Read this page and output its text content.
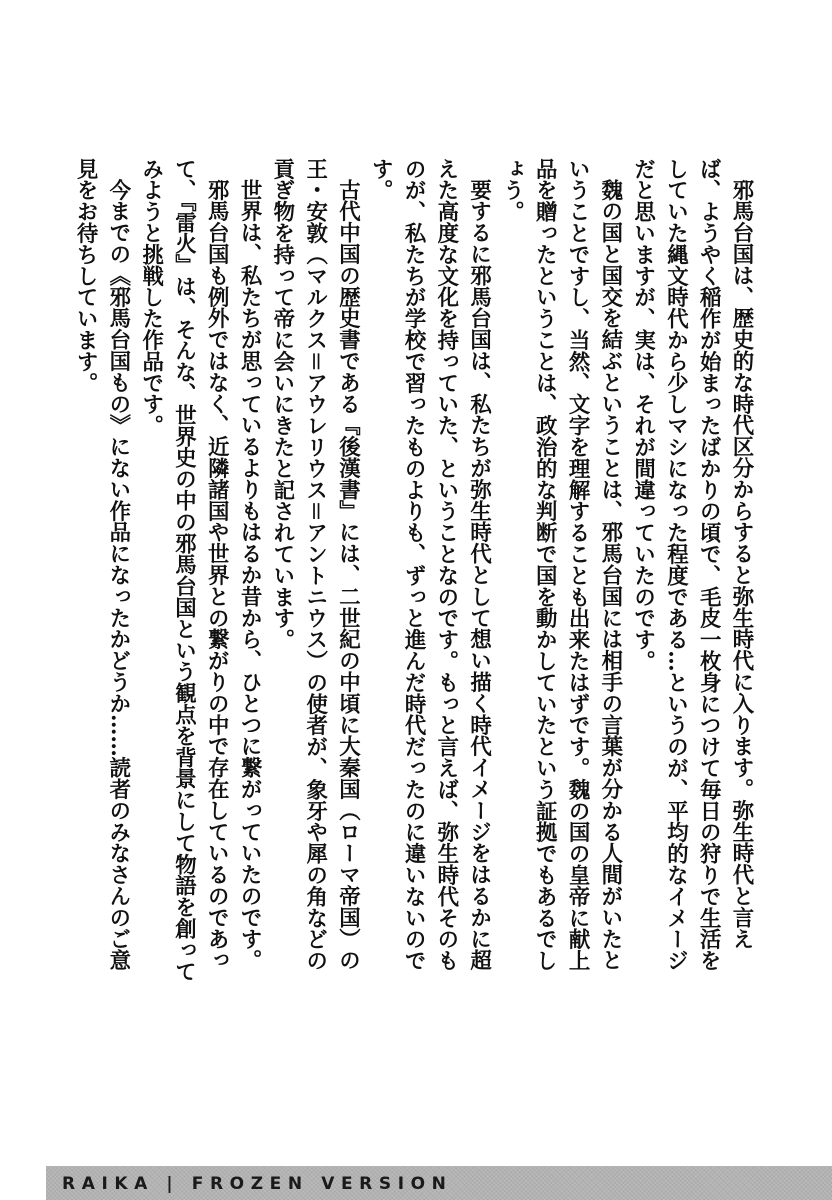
邪馬台国は、歴史的な時代区分からすると弥生時代に入ります。弥生時代と言えば、ようやく稲作が始まったばかりの頃で、毛皮一枚身につけて毎日の狩りで生活をしていた縄文時代から少しマシになった程度である…というのが、平均的なイメージだと思いますが、実は、それが間違っていたのです。

魏の国と国交を結ぶということは、邪馬台国には相手の言葉が分かる人間がいたということですし、当然、文字を理解することも出来たはずです。魏の国の皇帝に献上品を贈ったということは、政治的な判断で国を動かしていたという証拠でもあるでしょう。

要するに邪馬台国は、私たちが弥生時代として想い描く時代イメージをはるかに超えた高度な文化を持っていた、ということなのです。もっと言えば、弥生時代そのものが、私たちが学校で習ったものよりも、ずっと進んだ時代だったのに違いないのです。

古代中国の歴史書である『後漢書』には、二世紀の中頃に大秦国（ローマ帝国）の王・安敦（マルクス＝アウレリウス＝アントニウス）の使者が、象牙や犀の角などの貢ぎ物を持って帝に会いにきたと記されています。

世界は、私たちが思っているよりもはるか昔から、ひとつに繋がっていたのです。

邪馬台国も例外ではなく、近隣諸国や世界との繋がりの中で存在しているのであって、『雷火』は、そんな、世界史の中の邪馬台国という観点を背景にして物語を創ってみようと挑戦した作品です。

今までの《邪馬台国もの》にない作品になったかどうか……読者のみなさんのご意見をお待ちしています。

RAIKA | FROZEN VERSION
